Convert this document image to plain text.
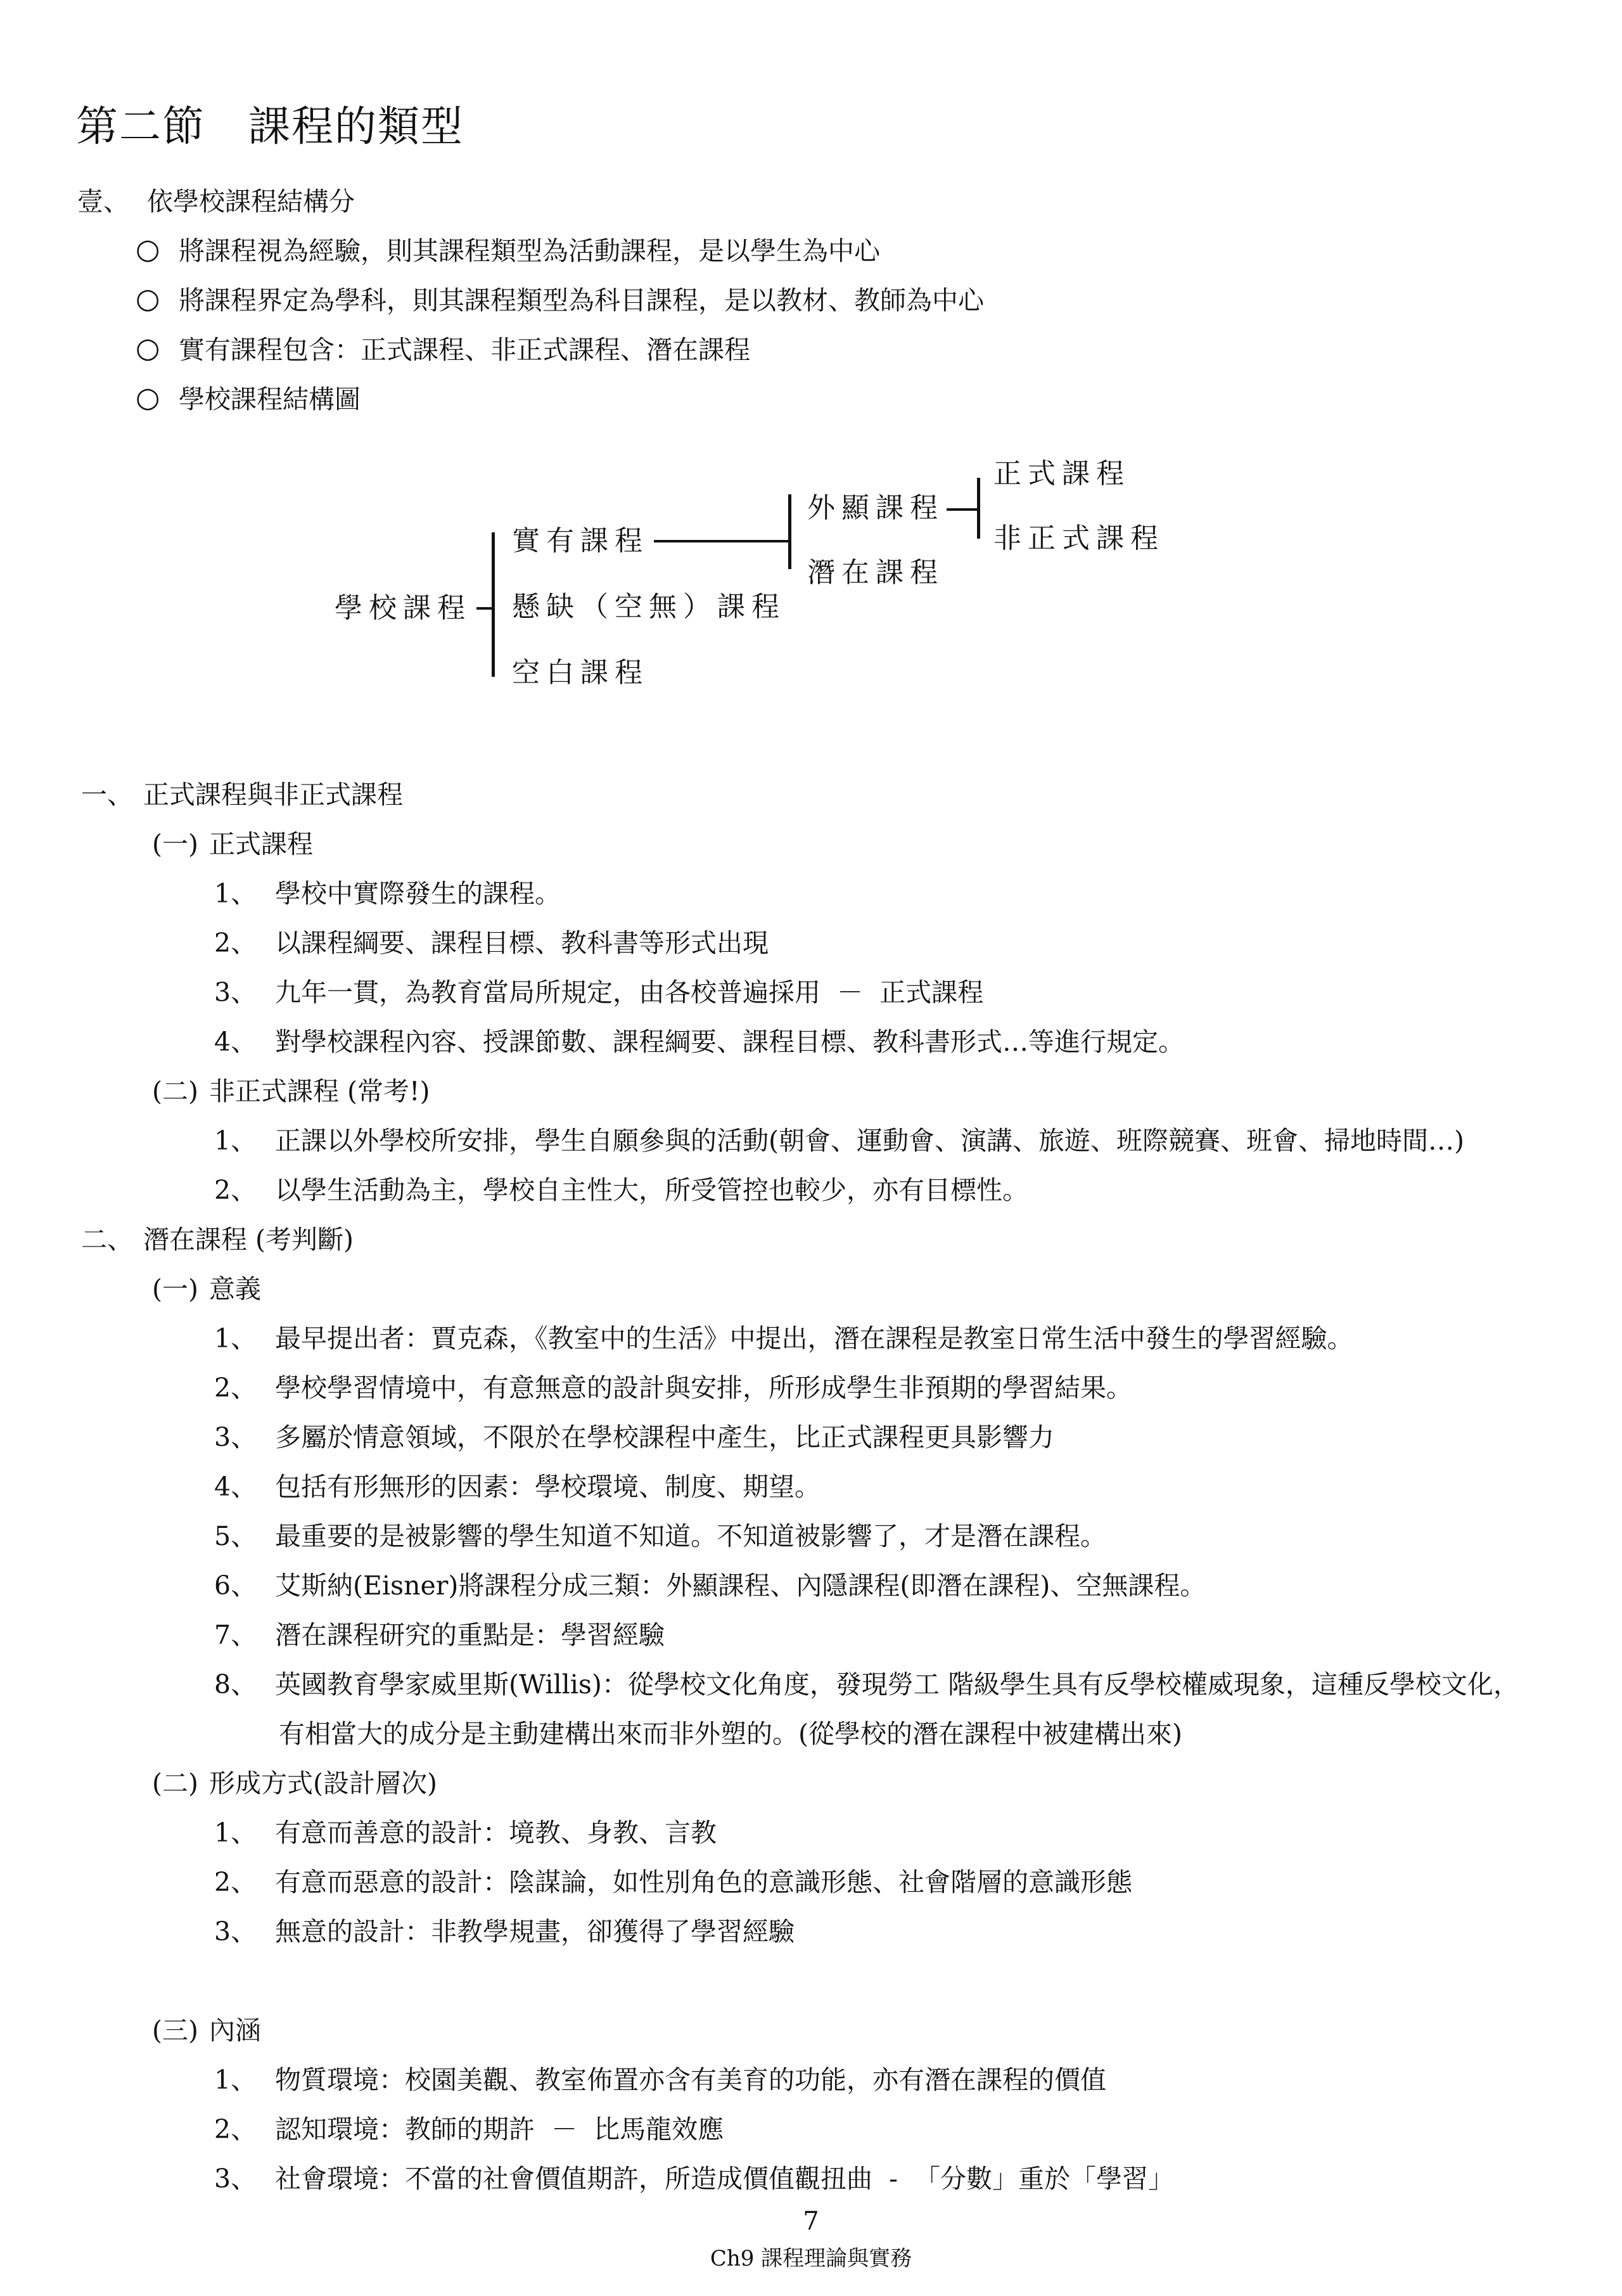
第二節　課程的類型
壹、 依學校課程結構分
○ 將課程視為經驗，則其課程類型為活動課程，是以學生為中心
○ 將課程界定為學科，則其課程類型為科目課程，是以教材、教師為中心
○ 實有課程包含：正式課程、非正式課程、潛在課程
○ 學校課程結構圖
學校課程
實有課程
懸缺（空無）課程
空白課程
外顯課程
潛在課程
正式課程
非正式課程
一、 正式課程與非正式課程
(一) 正式課程
1、 學校中實際發生的課程。
2、 以課程綱要、課程目標、教科書等形式出現
3、 九年一貫，為教育當局所規定，由各校普遍採用  －  正式課程
4、 對學校課程內容、授課節數、課程綱要、課程目標、教科書形式…等進行規定。
(二) 非正式課程 (常考!)
1、 正課以外學校所安排，學生自願參與的活動(朝會、運動會、演講、旅遊、班際競賽、班會、掃地時間…)
2、 以學生活動為主，學校自主性大，所受管控也較少，亦有目標性。
二、 潛在課程 (考判斷)
(一) 意義
1、 最早提出者：賈克森，《教室中的生活》中提出，潛在課程是教室日常生活中發生的學習經驗。
2、 學校學習情境中，有意無意的設計與安排，所形成學生非預期的學習結果。
3、 多屬於情意領域，不限於在學校課程中產生，比正式課程更具影響力
4、 包括有形無形的因素：學校環境、制度、期望。
5、 最重要的是被影響的學生知道不知道。不知道被影響了，才是潛在課程。
6、 艾斯納(Eisner)將課程分成三類：外顯課程、內隱課程(即潛在課程)、空無課程。
7、 潛在課程研究的重點是：學習經驗
8、 英國教育學家威里斯(Willis)：從學校文化角度，發現勞工 階級學生具有反學校權威現象，這種反學校文化，
有相當大的成分是主動建構出來而非外塑的。(從學校的潛在課程中被建構出來)
(二) 形成方式(設計層次)
1、 有意而善意的設計：境教、身教、言教
2、 有意而惡意的設計：陰謀論，如性別角色的意識形態、社會階層的意識形態
3、 無意的設計：非教學規畫，卻獲得了學習經驗
(三) 內涵
1、 物質環境：校園美觀、教室佈置亦含有美育的功能，亦有潛在課程的價值
2、 認知環境：教師的期許  －  比馬龍效應
3、 社會環境：不當的社會價值期許，所造成價值觀扭曲  -  「分數」重於「學習」
7
Ch9 課程理論與實務
